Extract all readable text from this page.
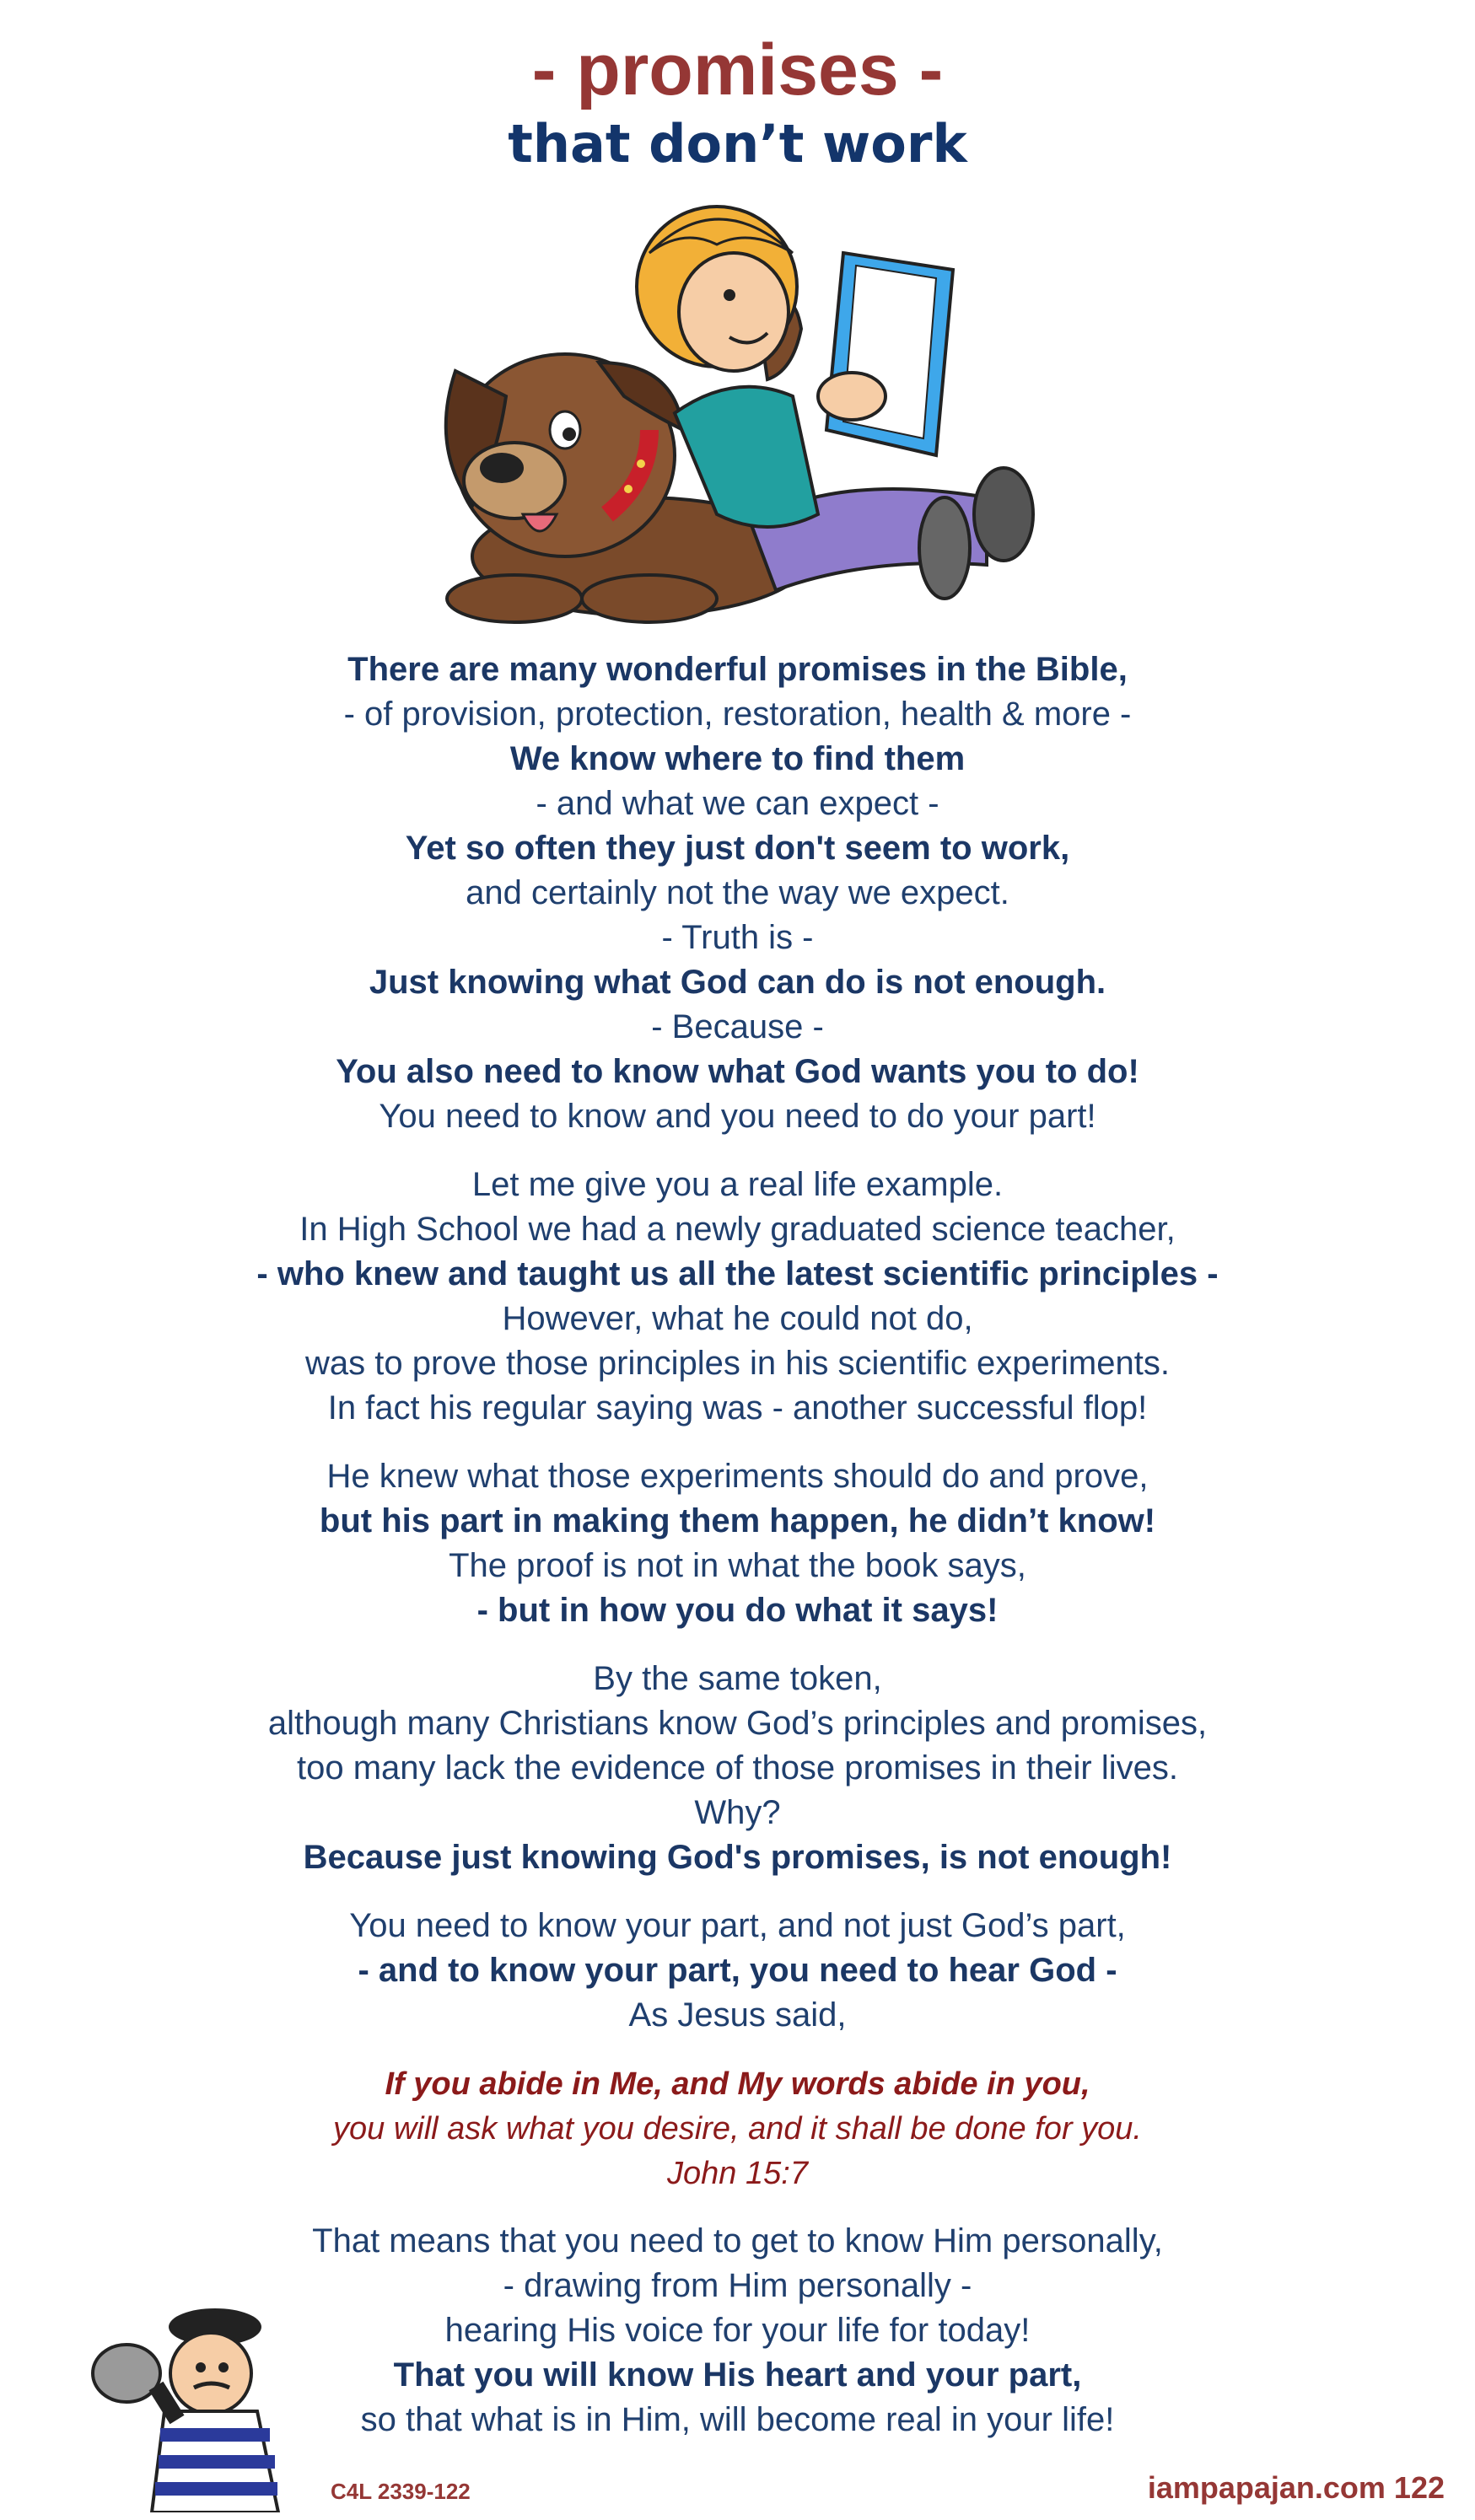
- promises -
that don’t work

There are many wonderful promises in the Bible,
- of provision, protection, restoration, health & more -
We know where to find them
- and what we can expect -
Yet so often they just don't seem to work,
and certainly not the way we expect.
- Truth is -
Just knowing what God can do is not enough.
- Because -
You also need to know what God wants you to do!
You need to know and you need to do your part!

Let me give you a real life example.
In High School we had a newly graduated science teacher,
- who knew and taught us all the latest scientific principles -
However, what he could not do,
was to prove those principles in his scientific experiments.
In fact his regular saying was - another successful flop!

He knew what those experiments should do and prove,
but his part in making them happen, he didn’t know!
The proof is not in what the book says,
- but in how you do what it says!

By the same token,
although many Christians know God’s principles and promises,
too many lack the evidence of those promises in their lives.
Why?
Because just knowing God's promises, is not enough!

You need to know your part, and not just God’s part,
- and to know your part, you need to hear God -
As Jesus said,

If you abide in Me, and My words abide in you,
you will ask what you desire, and it shall be done for you.
John 15:7

That means that you need to get to know Him personally,
- drawing from Him personally -
hearing His voice for your life for today!
That you will know His heart and your part,
so that what is in Him, will become real in your life!

C4L 2339-122	iampapajan.com 122
